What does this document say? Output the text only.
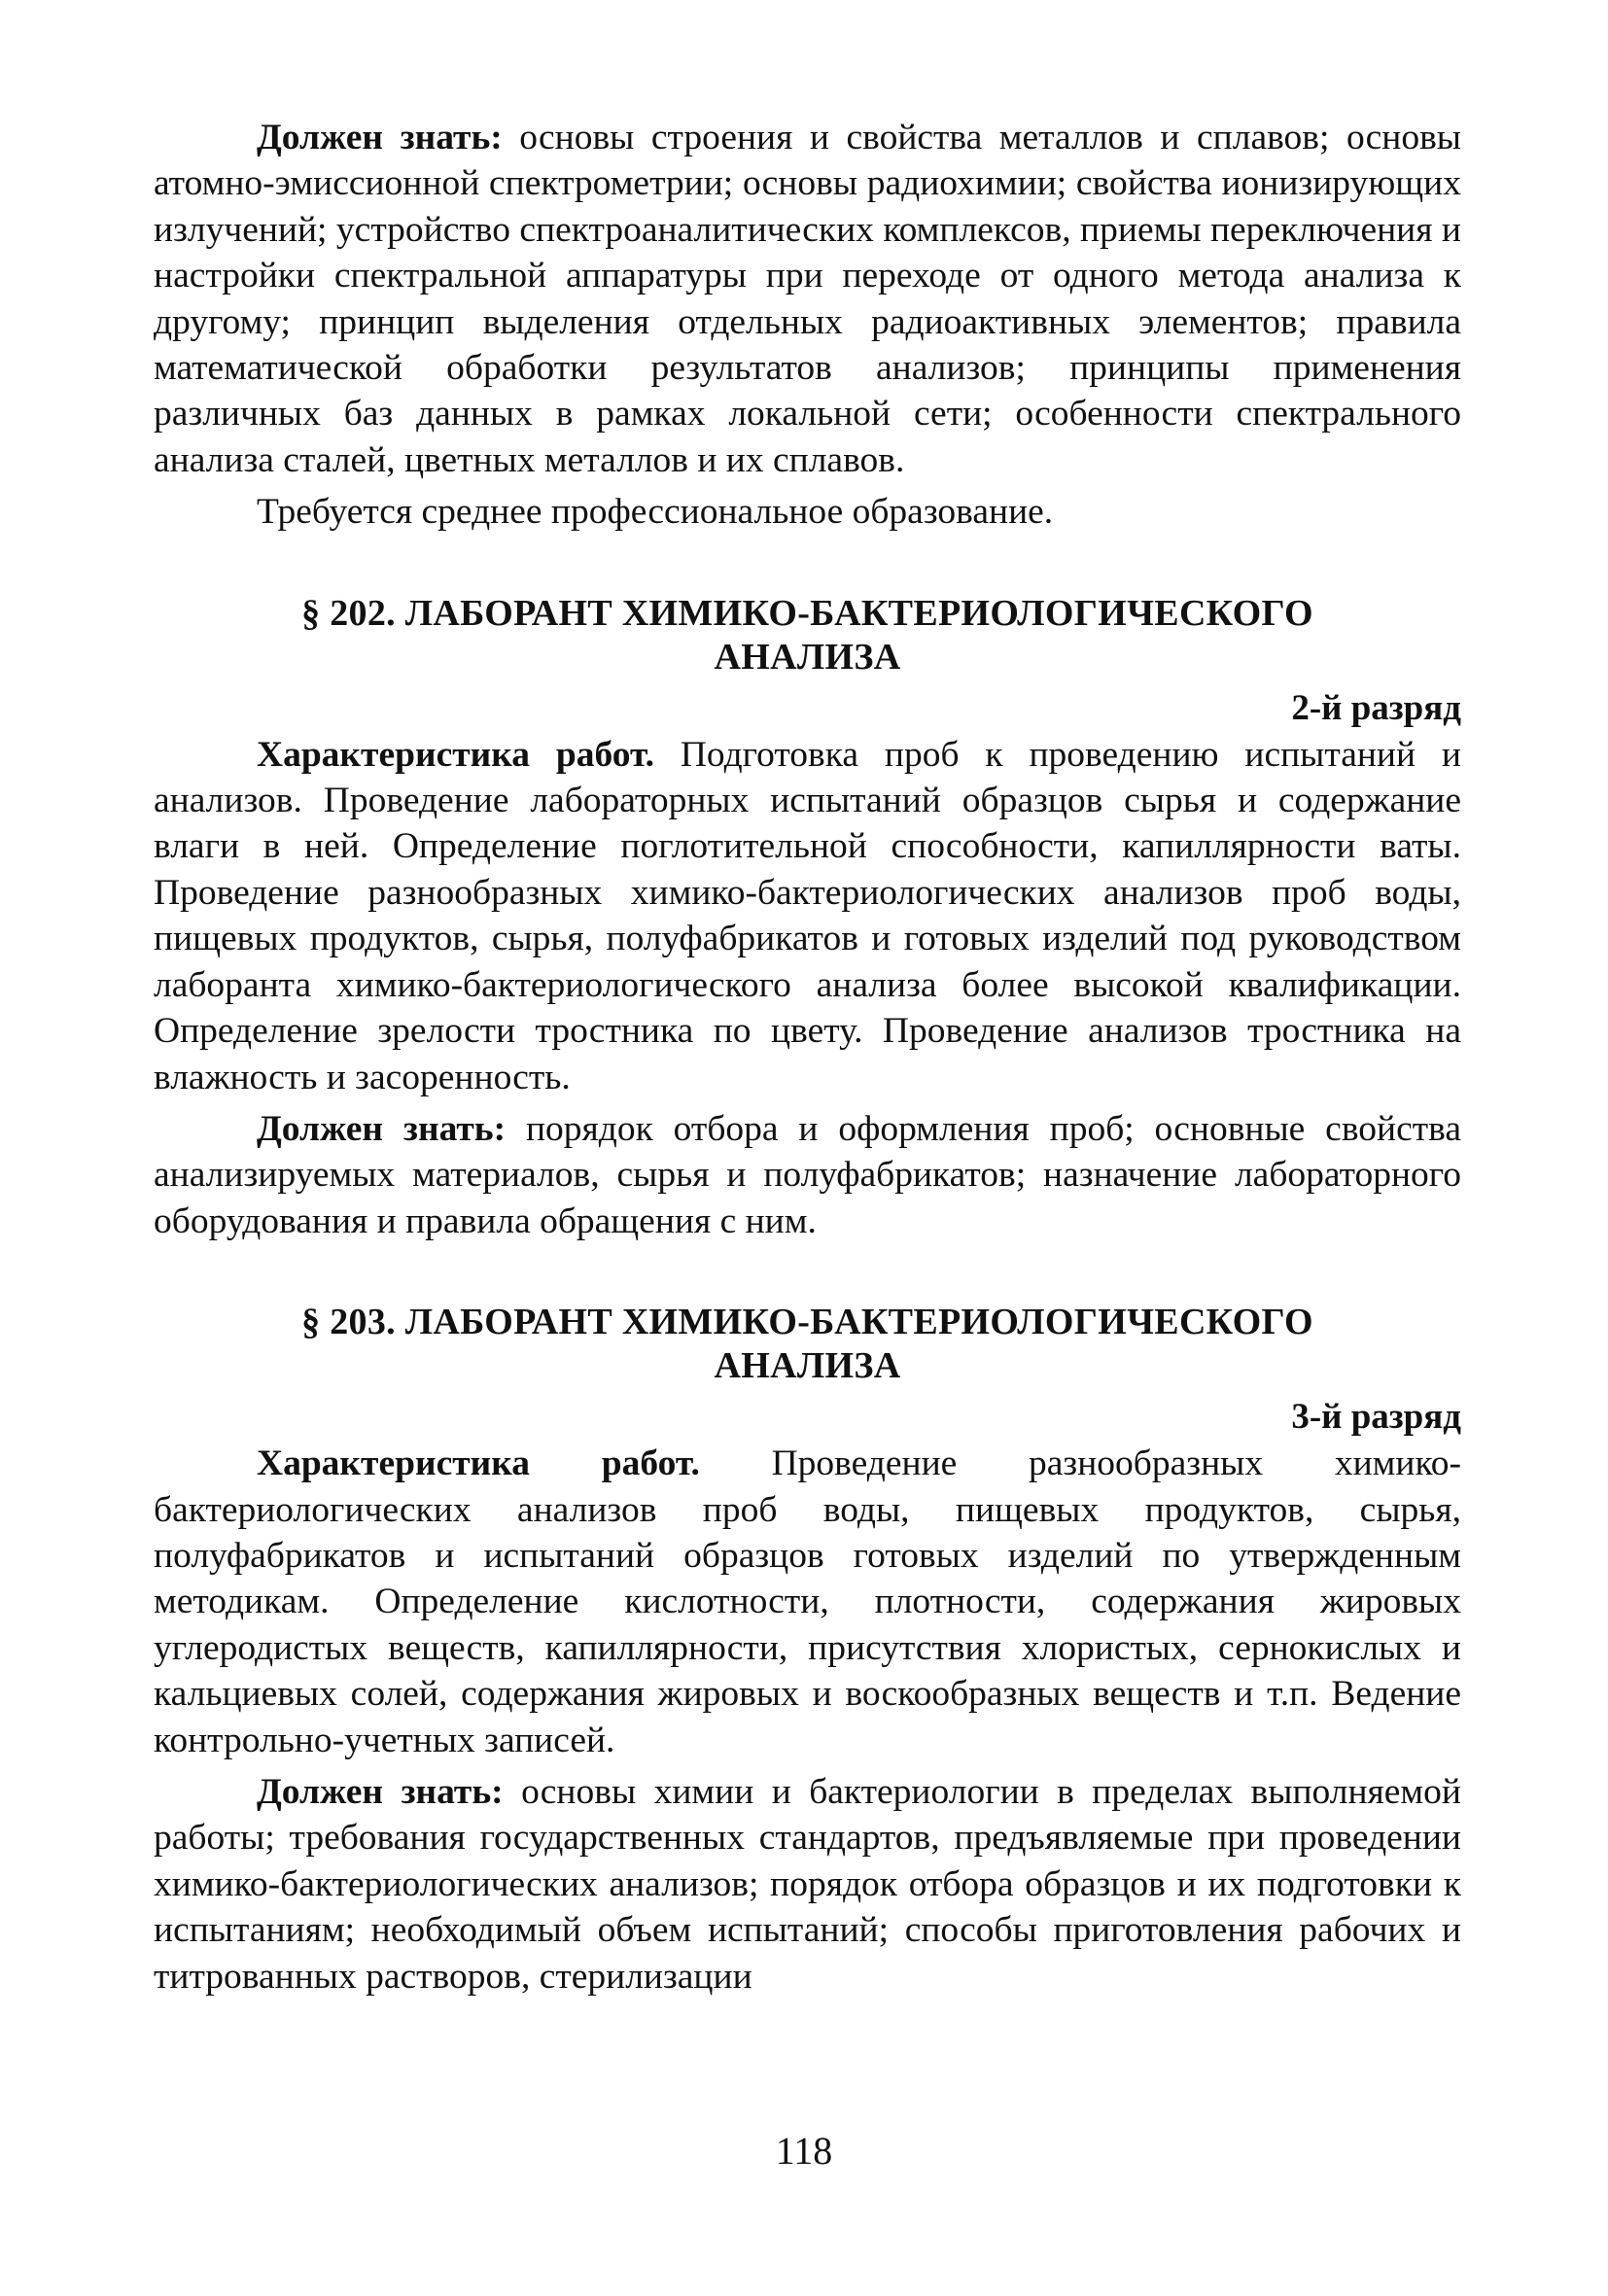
Должен знать: основы строения и свойства металлов и сплавов; основы атомно-эмиссионной спектрометрии; основы радиохимии; свойства ионизирующих излучений; устройство спектроаналитических комплексов, приемы переключения и настройки спектральной аппаратуры при переходе от одного метода анализа к другому; принцип выделения отдельных радиоактивных элементов; правила математической обработки результатов анализов; принципы применения различных баз данных в рамках локальной сети; особенности спектрального анализа сталей, цветных металлов и их сплавов.

Требуется среднее профессиональное образование.

§ 202. ЛАБОРАНТ ХИМИКО-БАКТЕРИОЛОГИЧЕСКОГО
АНАЛИЗА
2-й разряд

Характеристика работ. Подготовка проб к проведению испытаний и анализов. Проведение лабораторных испытаний образцов сырья и содержание влаги в ней. Определение поглотительной способности, капиллярности ваты. Проведение разнообразных химико-бактериологических анализов проб воды, пищевых продуктов, сырья, полуфабрикатов и готовых изделий под руководством лаборанта химико-бактериологического анализа более высокой квалификации. Определение зрелости тростника по цвету. Проведение анализов тростника на влажность и засоренность.

Должен знать: порядок отбора и оформления проб; основные свойства анализируемых материалов, сырья и полуфабрикатов; назначение лабораторного оборудования и правила обращения с ним.

§ 203. ЛАБОРАНТ ХИМИКО-БАКТЕРИОЛОГИЧЕСКОГО
АНАЛИЗА
3-й разряд

Характеристика работ. Проведение разнообразных химико-бактериологических анализов проб воды, пищевых продуктов, сырья, полуфабрикатов и испытаний образцов готовых изделий по утвержденным методикам. Определение кислотности, плотности, содержания жировых углеродистых веществ, капиллярности, присутствия хлористых, сернокислых и кальциевых солей, содержания жировых и воскообразных веществ и т.п. Ведение контрольно-учетных записей.

Должен знать: основы химии и бактериологии в пределах выполняемой работы; требования государственных стандартов, предъявляемые при проведении химико-бактериологических анализов; порядок отбора образцов и их подготовки к испытаниям; необходимый объем испытаний; способы приготовления рабочих и титрованных растворов, стерилизации

118
